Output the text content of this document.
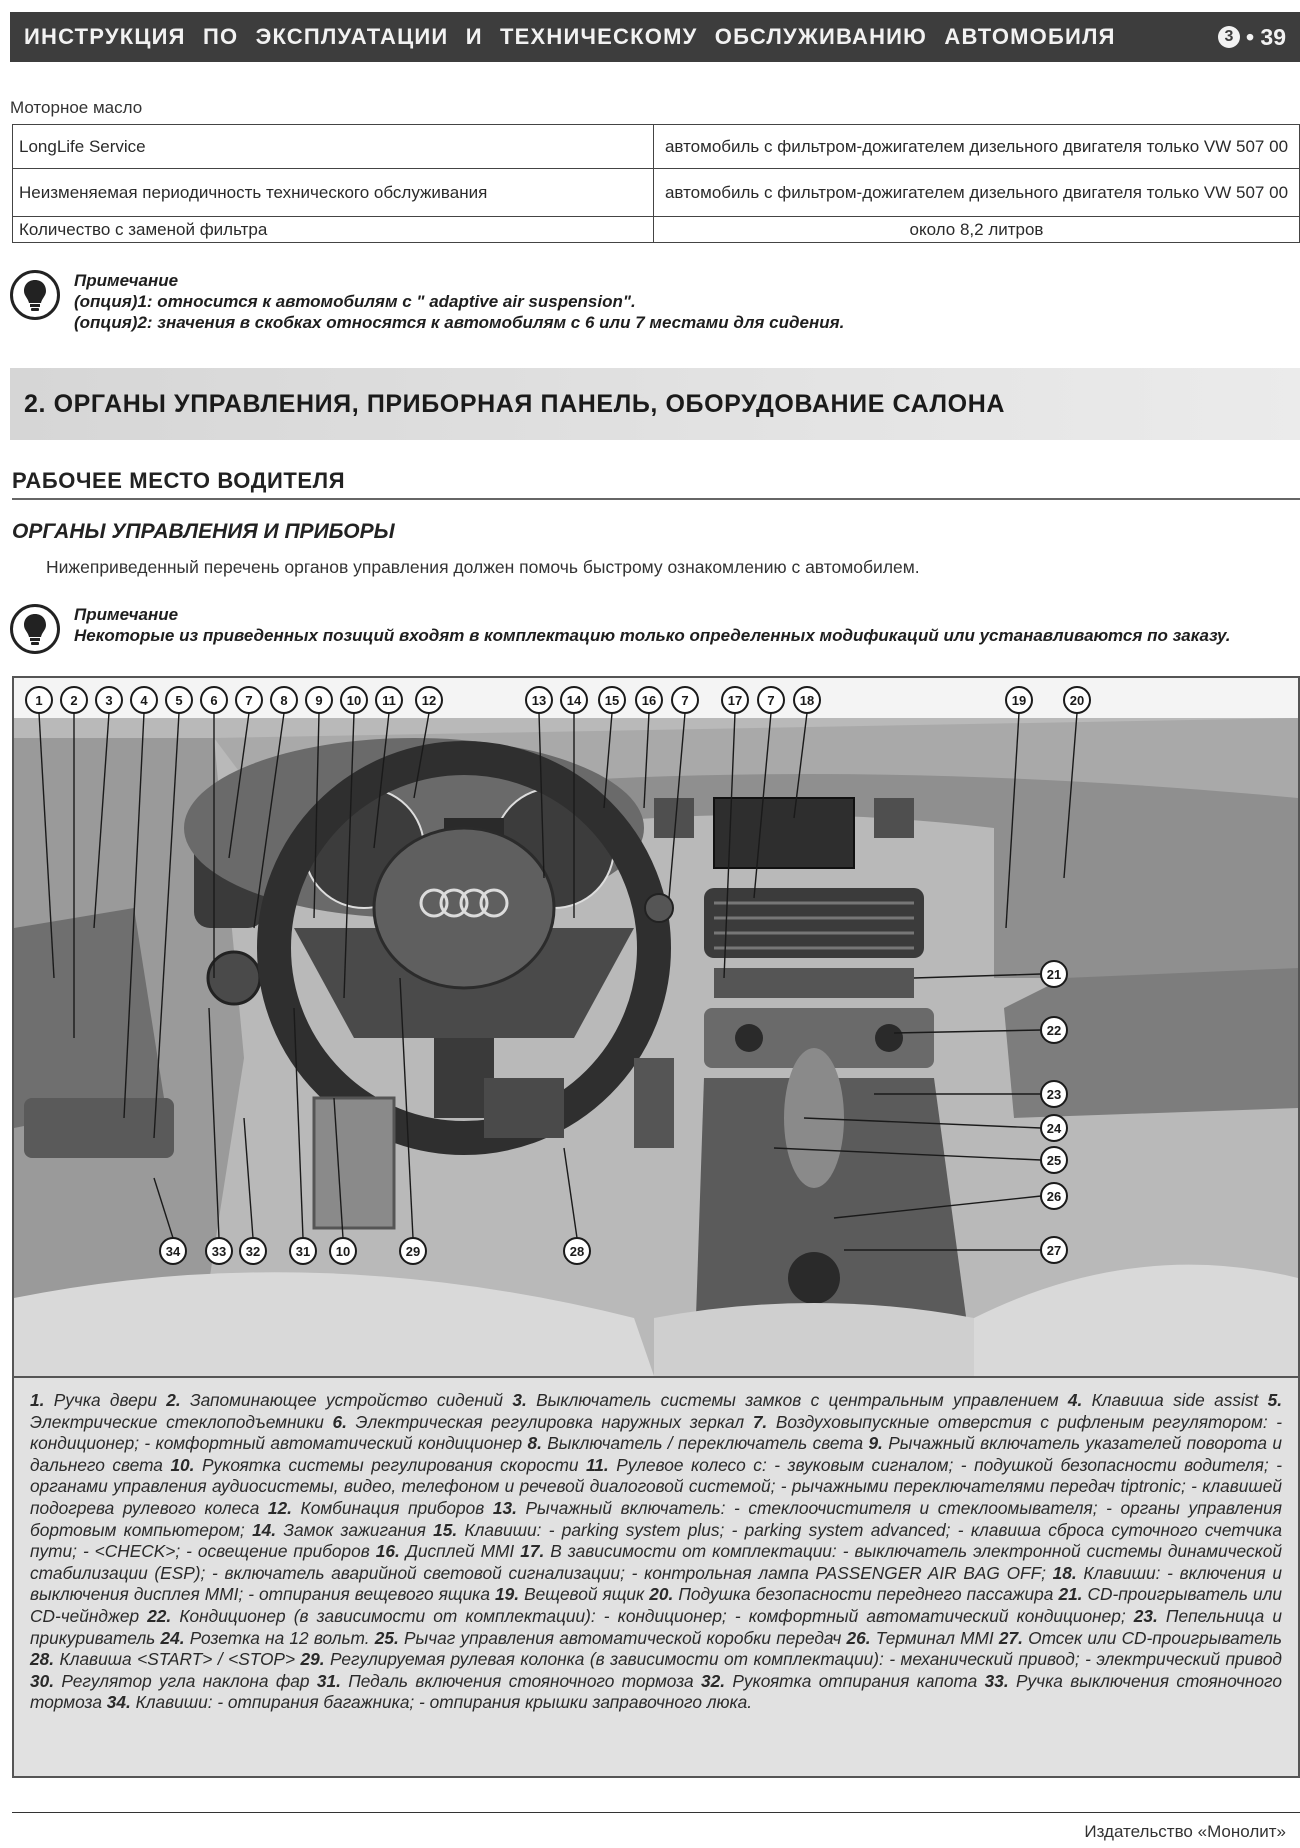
ИНСТРУКЦИЯ ПО ЭКСПЛУАТАЦИИ И ТЕХНИЧЕСКОМУ ОБСЛУЖИВАНИЮ АВТОМОБИЛЯ	3 • 39
Моторное масло
LongLife Service	автомобиль с фильтром-дожигателем дизельного двигателя только VW 507 00
Неизменяемая периодичность технического обслуживания	автомобиль с фильтром-дожигателем дизельного двигателя только VW 507 00
Количество с заменой фильтра	около 8,2 литров
Примечание
(опция)1: относится к автомобилям с " adaptive air suspension".
(опция)2: значения в скобках относятся к автомобилям с 6 или 7 местами для сидения.
2. ОРГАНЫ УПРАВЛЕНИЯ, ПРИБОРНАЯ ПАНЕЛЬ, ОБОРУДОВАНИЕ САЛОНА
РАБОЧЕЕ МЕСТО ВОДИТЕЛЯ
ОРГАНЫ УПРАВЛЕНИЯ И ПРИБОРЫ
Нижеприведенный перечень органов управления должен помочь быстрому ознакомлению с автомобилем.
Примечание
Некоторые из приведенных позиций входят в комплектацию только определенных модификаций или устанавливаются по заказу.
1 2 3 4 5 6 7 8 9 10 11 12	13 14 15 16 7	17 7 18	19	20
21
22
23
24
25
26
27
34 33 32	31 10	29	28
1. Ручка двери 2. Запоминающее устройство сидений 3. Выключатель системы замков с центральным управлением 4. Клавиша side assist 5. Электрические стеклоподъемники 6. Электрическая регулировка наружных зеркал 7. Воздуховыпускные отверстия с рифленым регулятором: - кондиционер; - комфортный автоматический кондиционер 8. Выключатель / переключатель света 9. Рычажный включатель указателей поворота и дальнего света 10. Рукоятка системы регулирования скорости 11. Рулевое колесо с: - звуковым сигналом; - подушкой безопасности водителя; - органами управления аудиосистемы, видео, телефоном и речевой диалоговой системой; - рычажными переключателями передач tiptronic; - клавишей подогрева рулевого колеса 12. Комбинация приборов 13. Рычажный включатель: - стеклоочистителя и стеклоомывателя; - органы управления бортовым компьютером; 14. Замок зажигания 15. Клавиши: - parking system plus; - parking system advanced; - клавиша сброса суточного счетчика пути; - <CHECK>; - освещение приборов 16. Дисплей MMI 17. В зависимости от комплектации: - выключатель электронной системы динамической стабилизации (ESP); - включатель аварийной световой сигнализации; - контрольная лампа PASSENGER AIR BAG OFF; 18. Клавиши: - включения и выключения дисплея MMI; - отпирания вещевого ящика 19. Вещевой ящик 20. Подушка безопасности переднего пассажира 21. CD-проигрыватель или CD-чейнджер 22. Кондиционер (в зависимости от комплектации): - кондиционер; - комфортный автоматический кондиционер; 23. Пепельница и прикуриватель 24. Розетка на 12 вольт. 25. Рычаг управления автоматической коробки передач 26. Терминал MMI 27. Отсек или CD-проигрыватель 28. Клавиша <START> / <STOP> 29. Регулируемая рулевая колонка (в зависимости от комплектации): - механический привод; - электрический привод 30. Регулятор угла наклона фар 31. Педаль включения стояночного тормоза 32. Рукоятка отпирания капота 33. Ручка выключения стояночного тормоза 34. Клавиши: - отпирания багажника; - отпирания крышки заправочного люка.
Издательство «Монолит»
